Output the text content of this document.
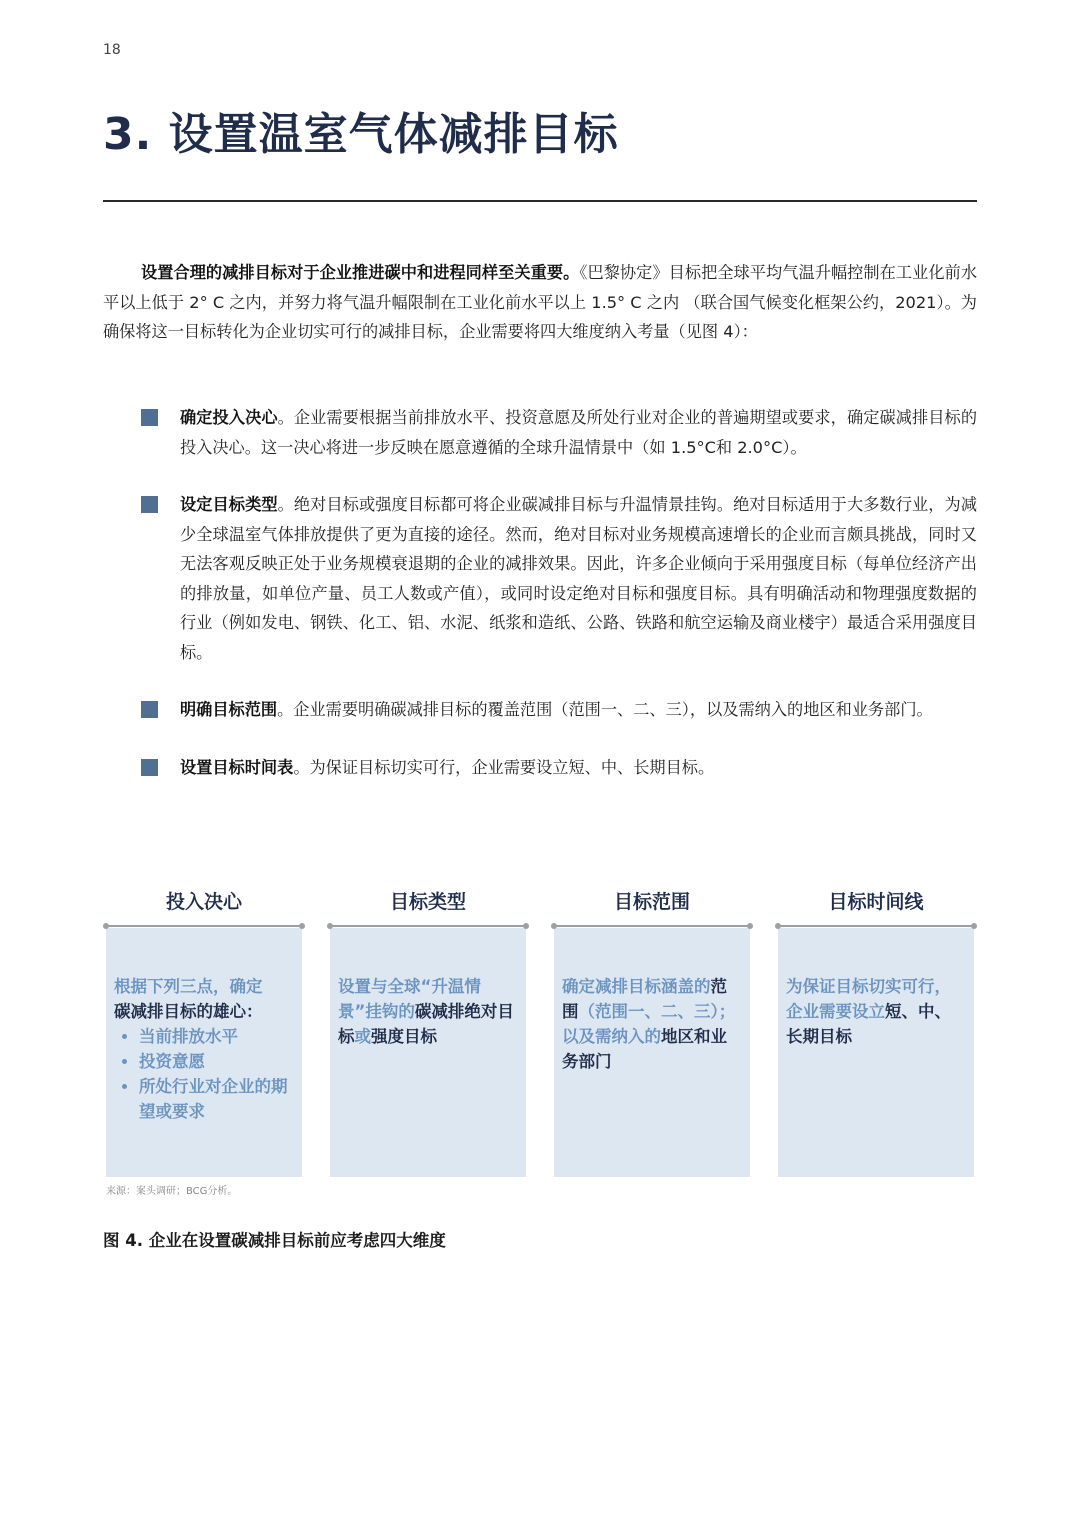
18
3. 设置温室气体减排目标

设置合理的减排目标对于企业推进碳中和进程同样至关重要。《巴黎协定》目标把全球平均气温升幅控制在工业化前水平以上低于 2° C 之内，并努力将气温升幅限制在工业化前水平以上 1.5° C 之内 （联合国气候变化框架公约，2021）。为确保将这一目标转化为企业切实可行的减排目标，企业需要将四大维度纳入考量（见图 4）：

确定投入决心。企业需要根据当前排放水平、投资意愿及所处行业对企业的普遍期望或要求，确定碳减排目标的投入决心。这一决心将进一步反映在愿意遵循的全球升温情景中（如 1.5°C和 2.0°C）。
设定目标类型。绝对目标或强度目标都可将企业碳减排目标与升温情景挂钩。绝对目标适用于大多数行业，为减少全球温室气体排放提供了更为直接的途径。然而，绝对目标对业务规模高速增长的企业而言颇具挑战，同时又无法客观反映正处于业务规模衰退期的企业的减排效果。因此，许多企业倾向于采用强度目标（每单位经济产出的排放量，如单位产量、员工人数或产值），或同时设定绝对目标和强度目标。具有明确活动和物理强度数据的行业（例如发电、钢铁、化工、铝、水泥、纸浆和造纸、公路、铁路和航空运输及商业楼宇）最适合采用强度目标。
明确目标范围。企业需要明确碳减排目标的覆盖范围（范围一、二、三），以及需纳入的地区和业务部门。
设置目标时间表。为保证目标切实可行，企业需要设立短、中、长期目标。
投入决心
根据下列三点，确定
碳减排目标的雄心：
• 当前排放水平
• 投资意愿
• 所处行业对企业的期望或要求
目标类型
设置与全球“升温情景”挂钩的碳减排绝对目标或强度目标
目标范围
确定减排目标涵盖的范围（范围一、二、三）；以及需纳入的地区和业务部门
目标时间线
为保证目标切实可行，企业需要设立短、中、长期目标
来源：案头调研；BCG分析。
图 4. 企业在设置碳减排目标前应考虑四大维度
